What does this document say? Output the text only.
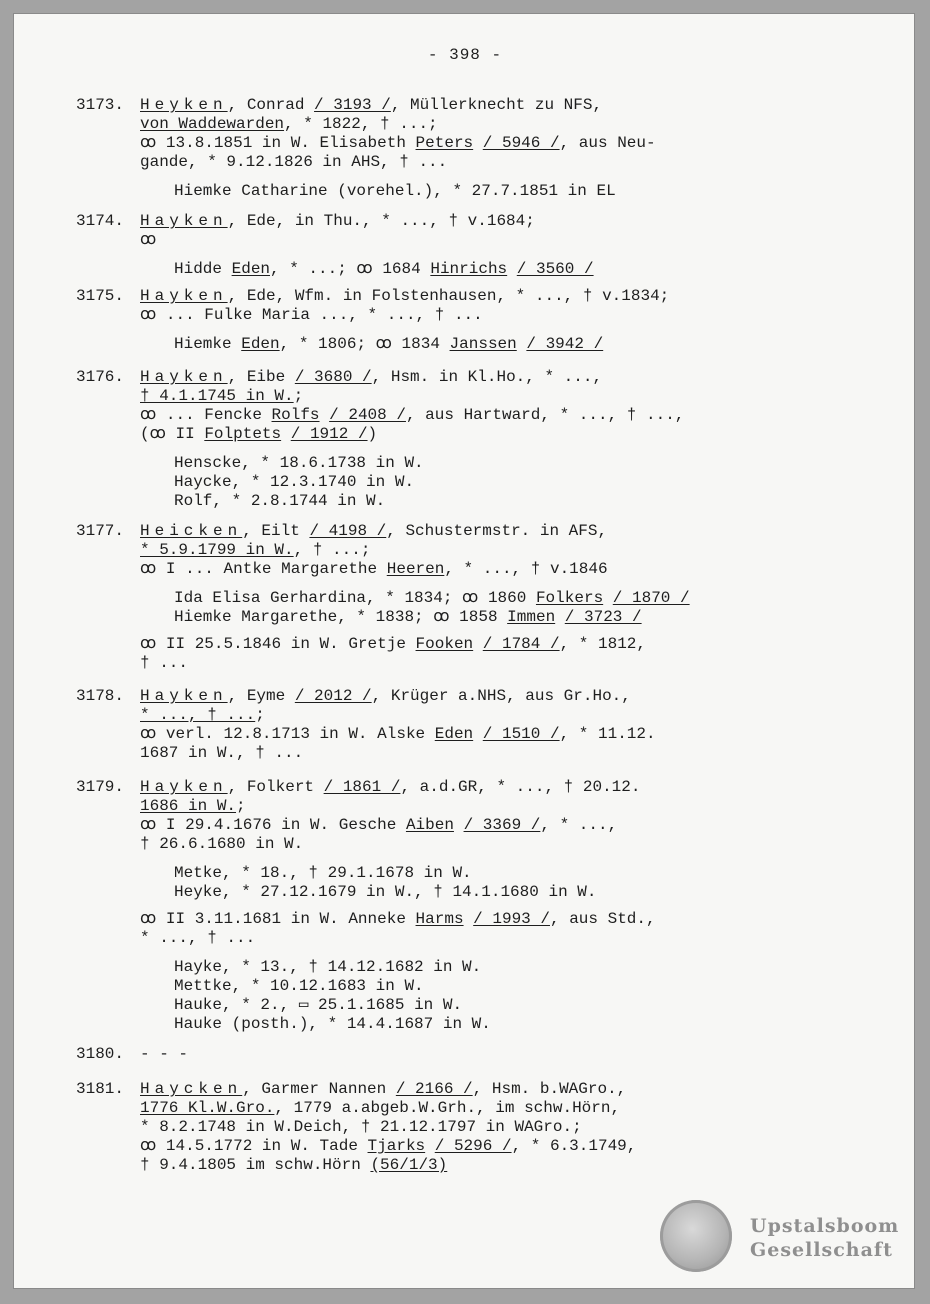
- 398 -
3173. Heyken, Conrad / 3193 /, Müllerknecht zu NFS,
von Waddewarden, * 1822, † ...;
ꝏ 13.8.1851 in W. Elisabeth Peters / 5946 /, aus Neu-
gande, * 9.12.1826 in AHS, † ...
Hiemke Catharine (vorehel.), * 27.7.1851 in EL
3174. Hayken, Ede, in Thu., * ..., † v.1684;
ꝏ
Hidde Eden, * ...; ꝏ 1684 Hinrichs / 3560 /
3175. Hayken, Ede, Wfm. in Folstenhausen, * ..., † v.1834;
ꝏ ... Fulke Maria ..., * ..., † ...
Hiemke Eden, * 1806; ꝏ 1834 Janssen / 3942 /
3176. Hayken, Eibe / 3680 /, Hsm. in Kl.Ho., * ...,
† 4.1.1745 in W.;
ꝏ ... Fencke Rolfs / 2408 /, aus Hartward, * ..., † ...,
(ꝏ II Folptets / 1912 /)
Henscke, * 18.6.1738 in W.
Haycke, * 12.3.1740 in W.
Rolf, * 2.8.1744 in W.
3177. Heicken, Eilt / 4198 /, Schustermstr. in AFS,
* 5.9.1799 in W., † ...;
ꝏ I ... Antke Margarethe Heeren, * ..., † v.1846
Ida Elisa Gerhardina, * 1834; ꝏ 1860 Folkers / 1870 /
Hiemke Margarethe, * 1838; ꝏ 1858 Immen / 3723 /
ꝏ II 25.5.1846 in W. Gretje Fooken / 1784 /, * 1812,
† ...
3178. Hayken, Eyme / 2012 /, Krüger a.NHS, aus Gr.Ho.,
* ..., † ...;
ꝏ verl. 12.8.1713 in W. Alske Eden / 1510 /, * 11.12.
1687 in W., † ...
3179. Hayken, Folkert / 1861 /, a.d.GR, * ..., † 20.12.
1686 in W.;
ꝏ I 29.4.1676 in W. Gesche Aiben / 3369 /, * ...,
† 26.6.1680 in W.
Metke, * 18., † 29.1.1678 in W.
Heyke, * 27.12.1679 in W., † 14.1.1680 in W.
ꝏ II 3.11.1681 in W. Anneke Harms / 1993 /, aus Std.,
* ..., † ...
Hayke, * 13., † 14.12.1682 in W.
Mettke, * 10.12.1683 in W.
Hauke, * 2., ▭ 25.1.1685 in W.
Hauke (posth.), * 14.4.1687 in W.
3180. - - -
3181. Haycken, Garmer Nannen / 2166 /, Hsm. b.WAGro.,
1776 Kl.W.Gro., 1779 a.abgeb.W.Grh., im schw.Hörn,
* 8.2.1748 in W.Deich, † 21.12.1797 in WAGro.;
ꝏ 14.5.1772 in W. Tade Tjarks / 5296 /, * 6.3.1749,
† 9.4.1805 im schw.Hörn (56/1/3)
Upstalsboom
Gesellschaft
